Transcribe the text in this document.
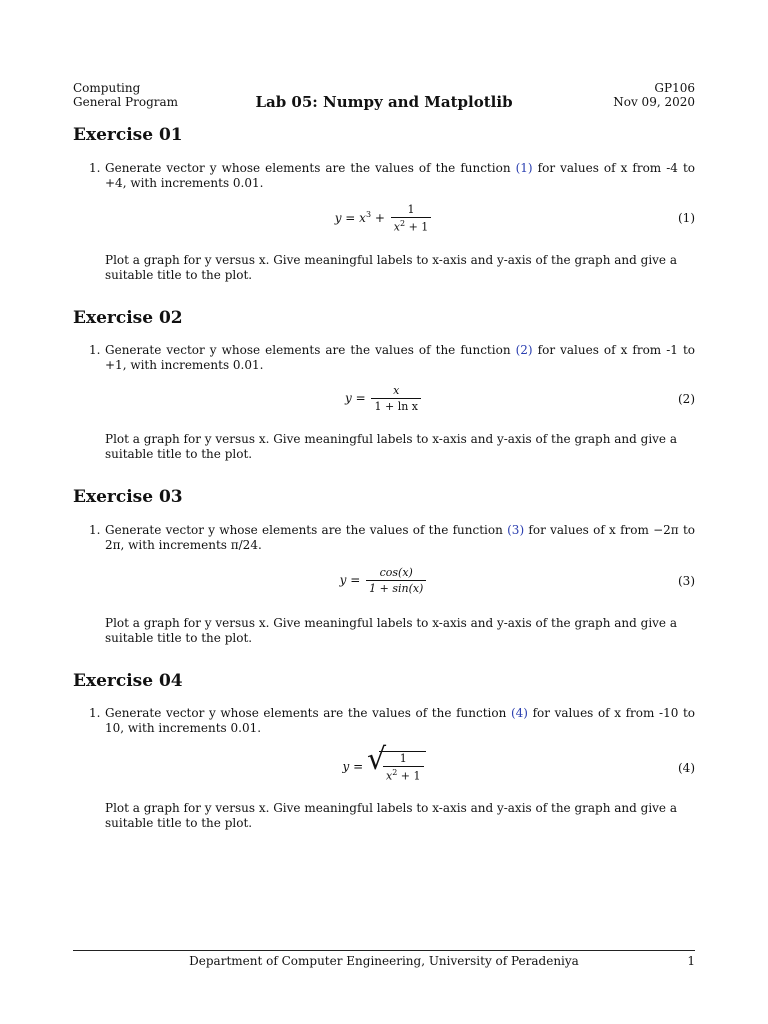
Computing
General Program	Lab 05: Numpy and Matplotlib
GP106
Nov 09, 2020
Exercise 01
1. Generate vector y whose elements are the values of the function (1) for values of x from -4 to +4, with increments 0.01.
$y = x^3 + \frac{1}{x^2 + 1}$	(1)
Plot a graph for y versus x. Give meaningful labels to x-axis and y-axis of the graph and give a suitable title to the plot.
Exercise 02
1. Generate vector y whose elements are the values of the function (2) for values of x from -1 to +1, with increments 0.01.
$y = \frac{x}{\text{1 + ln x}}$	(2)
Plot a graph for y versus x. Give meaningful labels to x-axis and y-axis of the graph and give a suitable title to the plot.
Exercise 03
1. Generate vector y whose elements are the values of the function (3) for values of x from −2π to 2π, with increments π/24.
$y = \frac{\cos(x)}{1 + \sin(x)}$	(3)
Plot a graph for y versus x. Give meaningful labels to x-axis and y-axis of the graph and give a suitable title to the plot.
Exercise 04
1. Generate vector y whose elements are the values of the function (4) for values of x from -10 to 10, with increments 0.01.
y = √
$\frac{1}{x^2 + 1}$	(4)
Plot a graph for y versus x. Give meaningful labels to x-axis and y-axis of the graph and give a suitable title to the plot.
Department of Computer Engineering, University of Peradeniya	1
